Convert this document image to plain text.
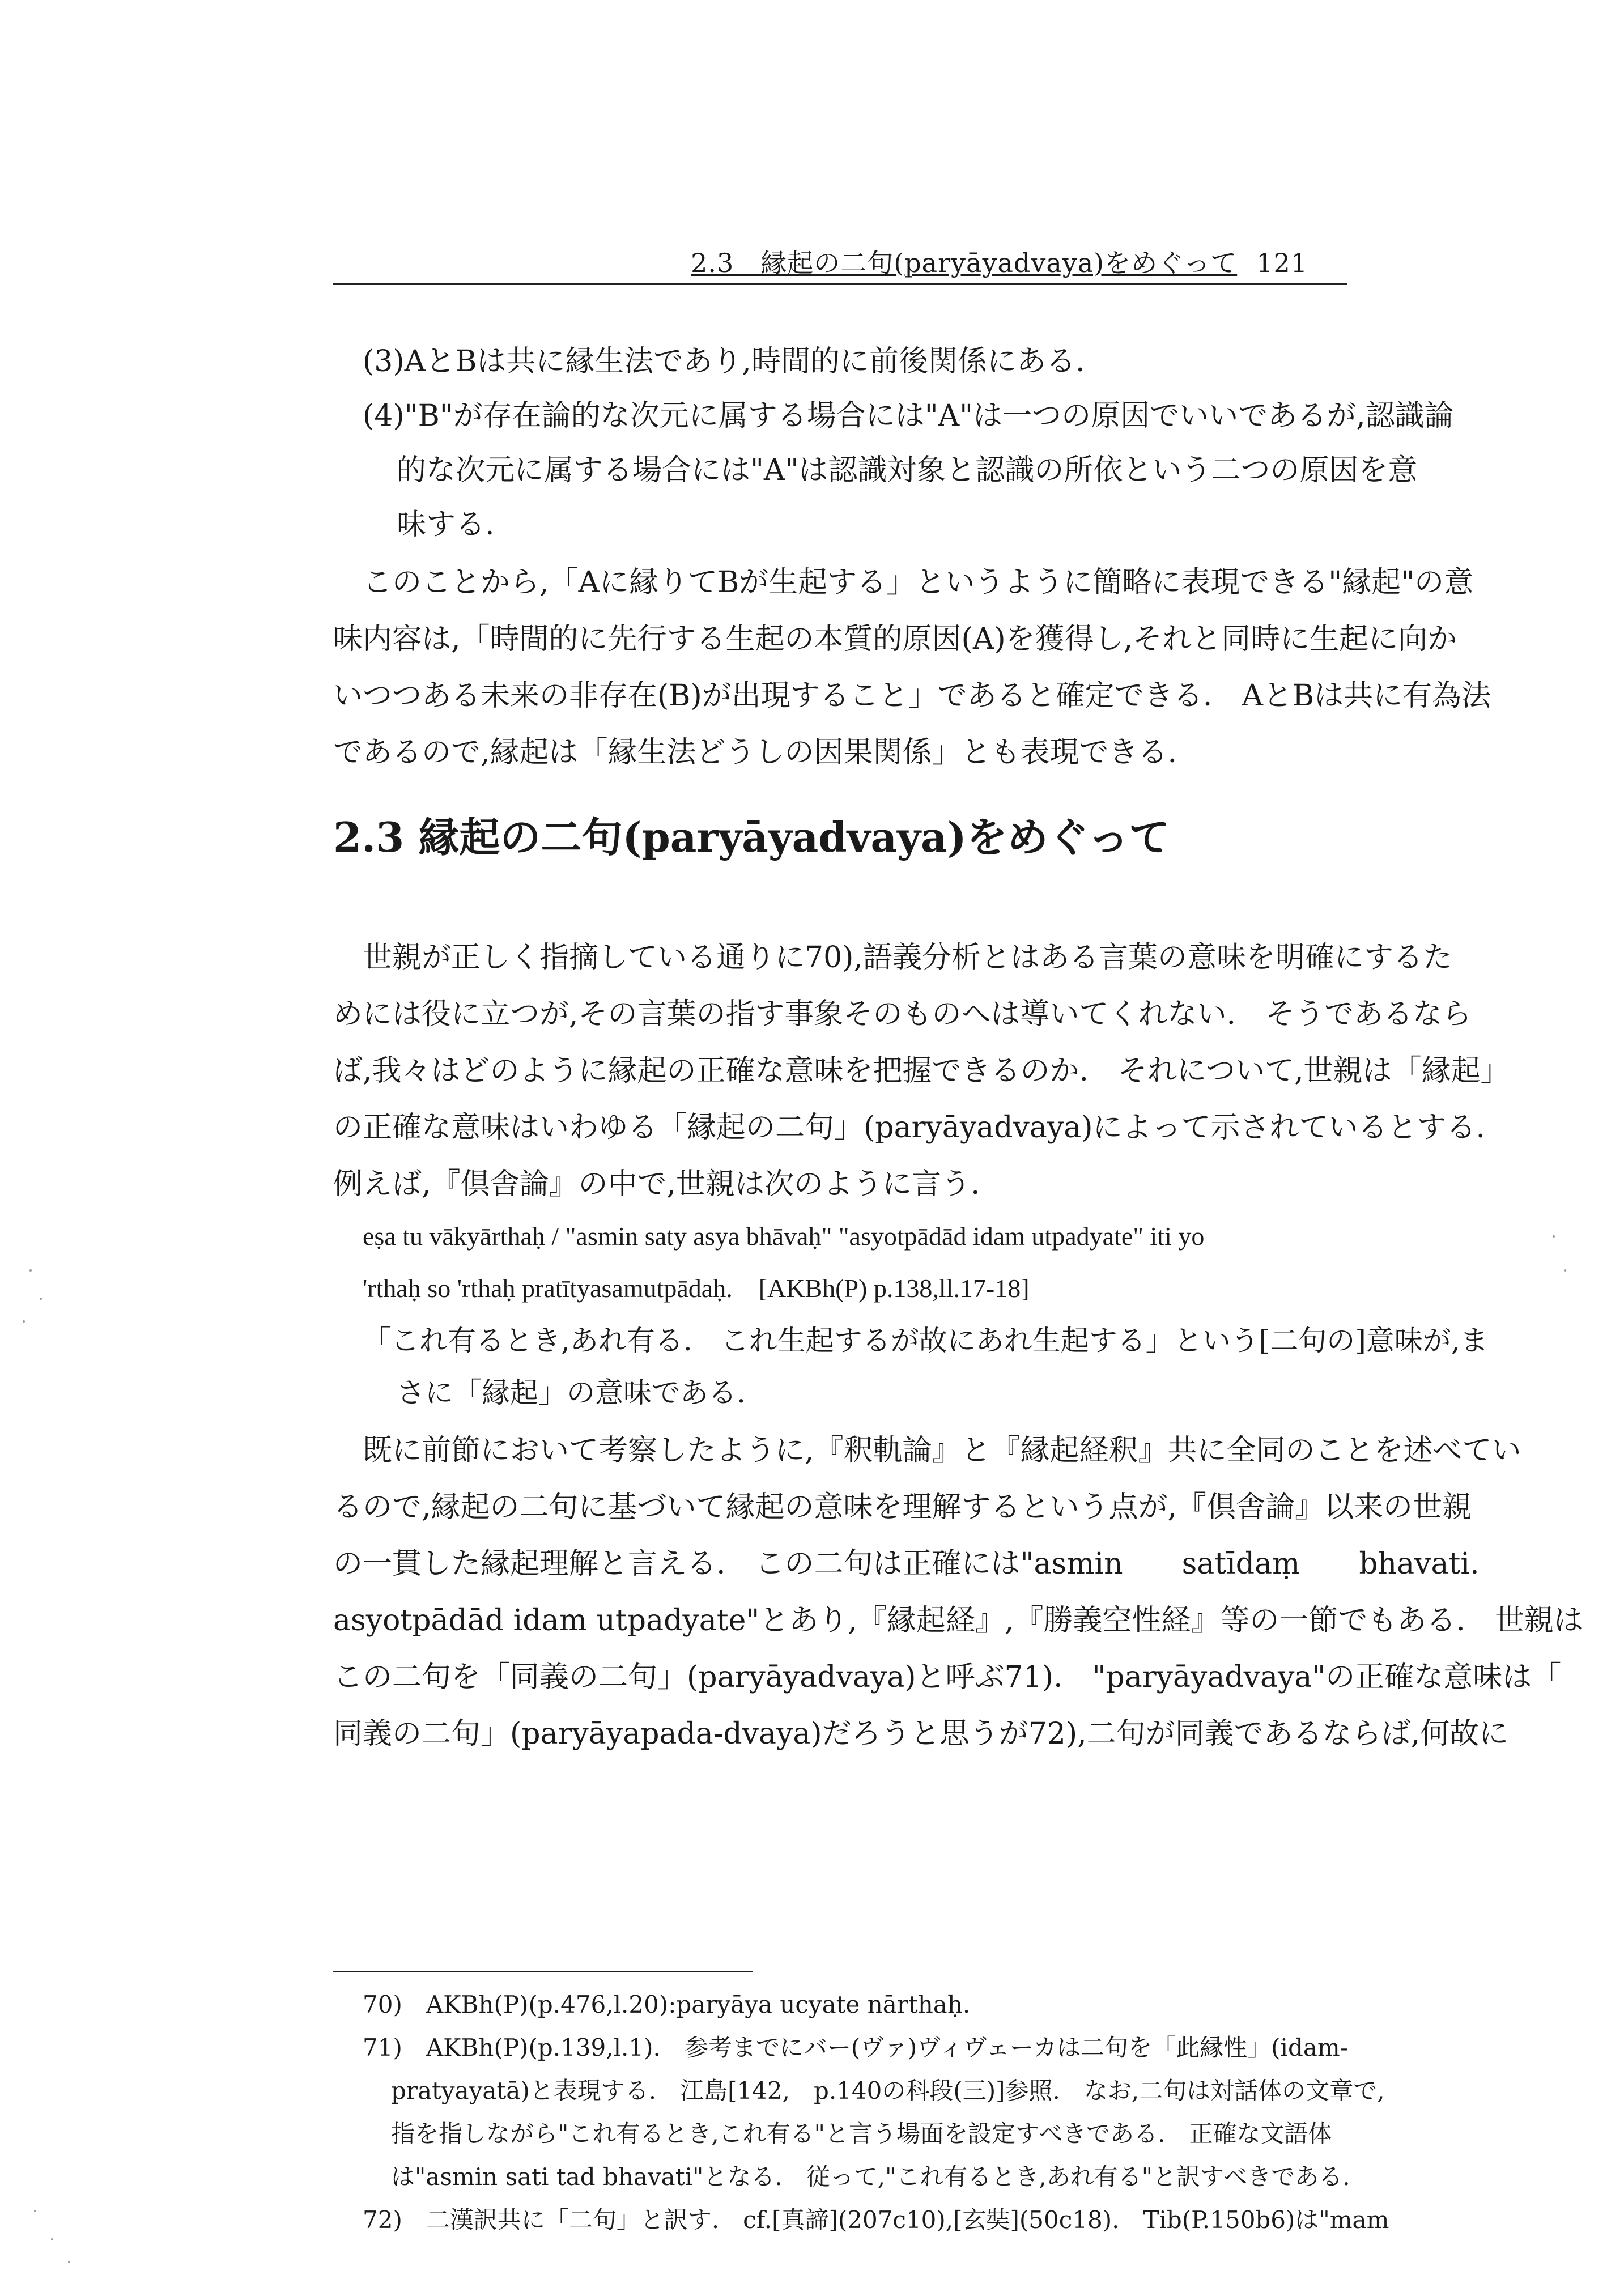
2.3　縁起の二句(paryāyadvaya)をめぐって 121
(3)AとBは共に縁生法であり,時間的に前後関係にある.
(4)"B"が存在論的な次元に属する場合には"A"は一つの原因でいいであるが,認識論
的な次元に属する場合には"A"は認識対象と認識の所依という二つの原因を意
味する.
このことから,「Aに縁りてBが生起する」というように簡略に表現できる"縁起"の意
味内容は,「時間的に先行する生起の本質的原因(A)を獲得し,それと同時に生起に向か
いつつある未来の非存在(B)が出現すること」であると確定できる.　AとBは共に有為法
であるので,縁起は「縁生法どうしの因果関係」とも表現できる.
2.3 縁起の二句(paryāyadvaya)をめぐって
世親が正しく指摘している通りに70),語義分析とはある言葉の意味を明確にするた
めには役に立つが,その言葉の指す事象そのものへは導いてくれない.　そうであるなら
ば,我々はどのように縁起の正確な意味を把握できるのか.　それについて,世親は「縁起」
の正確な意味はいわゆる「縁起の二句」(paryāyadvaya)によって示されているとする.
例えば,『倶舎論』の中で,世親は次のように言う.
eṣa tu vākyārthaḥ / "asmin saty asya bhāvaḥ" "asyotpādād idam utpadyate" iti yo
'rthaḥ so 'rthaḥ pratītyasamutpādaḥ.　[AKBh(P) p.138,ll.17-18]
「これ有るとき,あれ有る.　これ生起するが故にあれ生起する」という[二句の]意味が,ま
さに「縁起」の意味である.
既に前節において考察したように,『釈軌論』と『縁起経釈』共に全同のことを述べてい
るので,縁起の二句に基づいて縁起の意味を理解するという点が,『倶舎論』以来の世親
の一貫した縁起理解と言える.　この二句は正確には"asmin　　satīdaṃ　　bhavati.
asyotpādād idam utpadyate"とあり,『縁起経』,『勝義空性経』等の一節でもある.　世親は
この二句を「同義の二句」(paryāyadvaya)と呼ぶ71).　"paryāyadvaya"の正確な意味は「
同義の二句」(paryāyapada-dvaya)だろうと思うが72),二句が同義であるならば,何故に
70)　AKBh(P)(p.476,l.20):paryāya ucyate nārthaḥ.
71)　AKBh(P)(p.139,l.1).　参考までにバー(ヴァ)ヴィヴェーカは二句を「此縁性」(idam-
pratyayatā)と表現する.　江島[142,　p.140の科段(三)]参照.　なお,二句は対話体の文章で,
指を指しながら"これ有るとき,これ有る"と言う場面を設定すべきである.　正確な文語体
は"asmin sati tad bhavati"となる.　従って,"これ有るとき,あれ有る"と訳すべきである.
72)　二漢訳共に「二句」と訳す.　cf.[真諦](207c10),[玄奘](50c18).　Tib(P.150b6)は"mam
